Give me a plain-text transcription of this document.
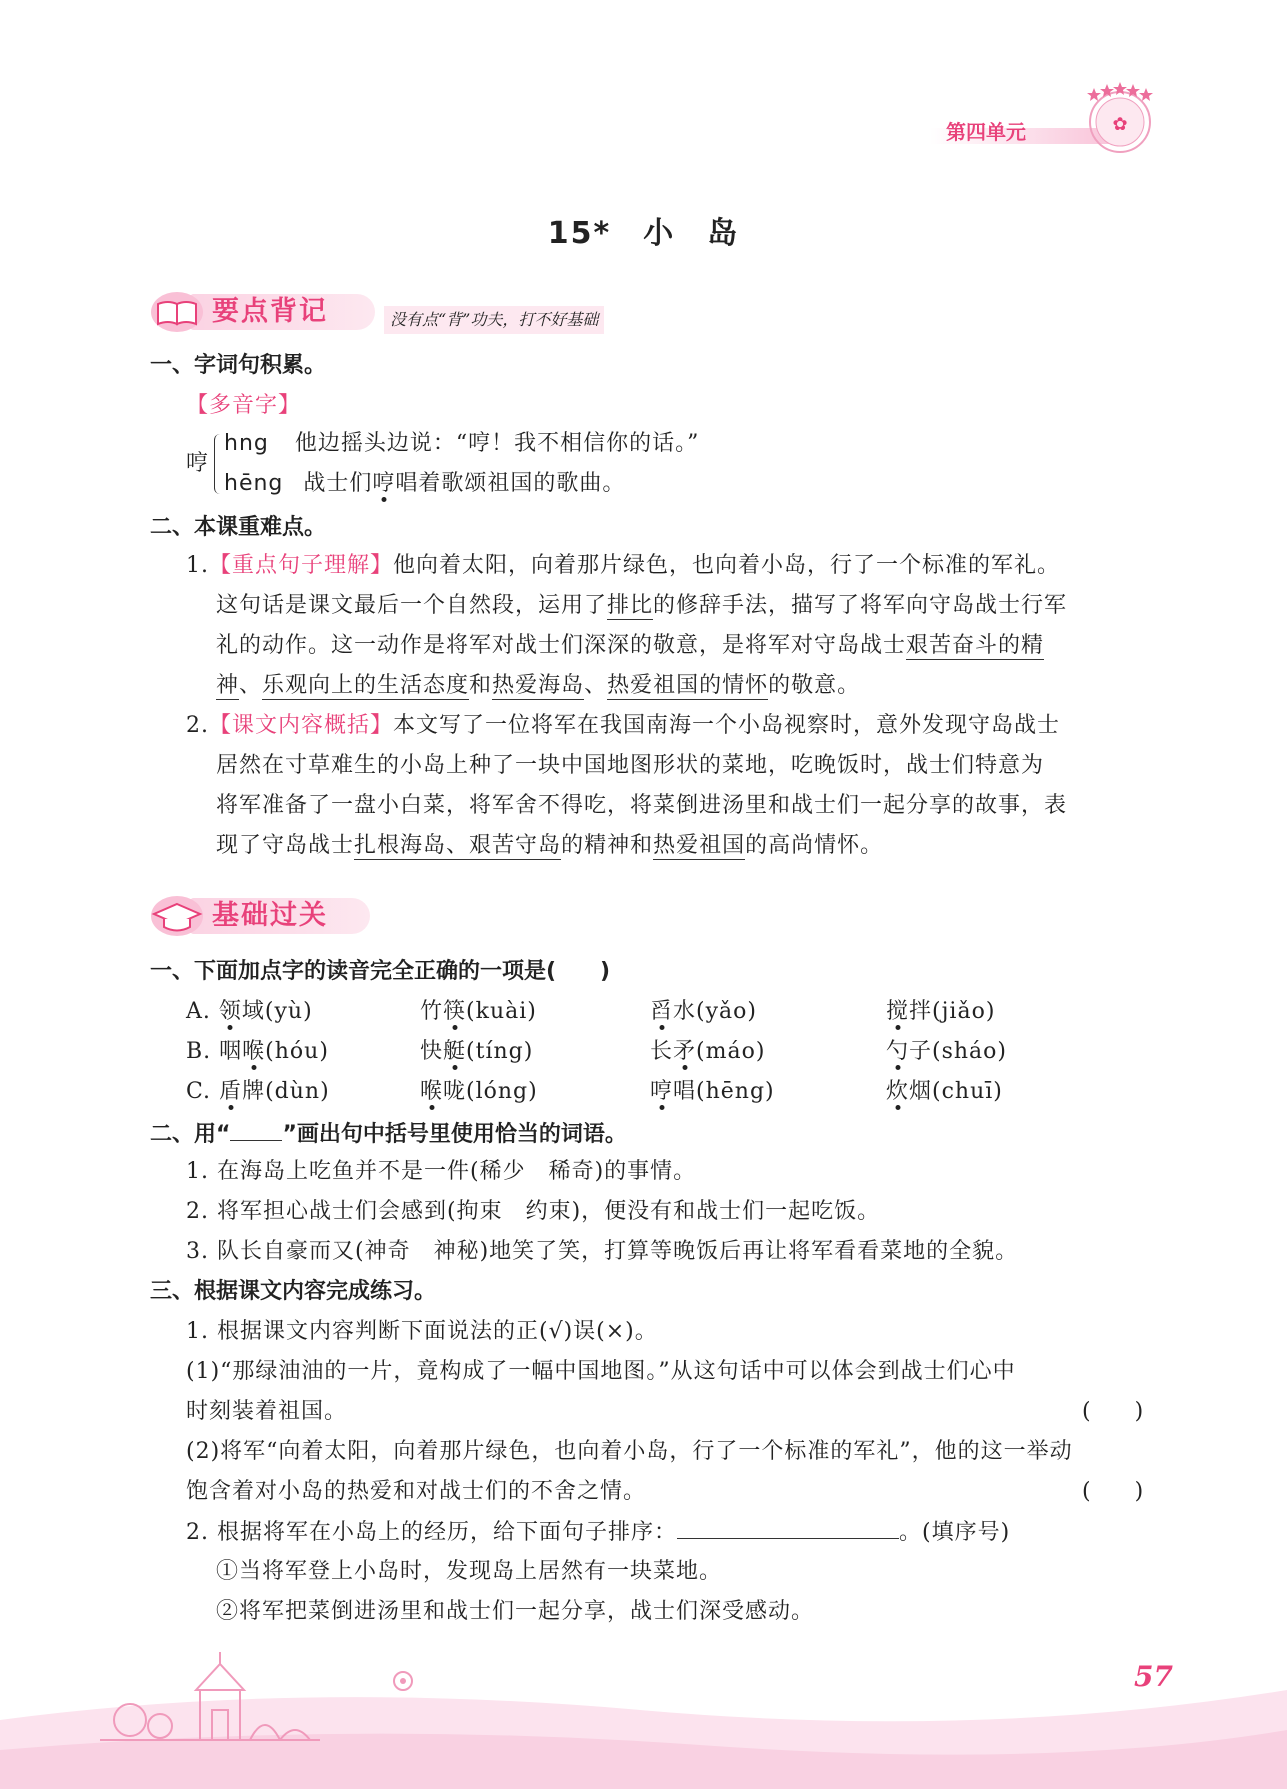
第四单元	✿
15*　小　岛
要点背记	没有点“背”功夫，打不好基础
一、字词句积累。
【多音字】
哼
hng 他边摇头边说：“哼！我不相信你的话。”
hēng 战士们哼唱着歌颂祖国的歌曲。
二、本课重难点。
1.【重点句子理解】他向着太阳，向着那片绿色，也向着小岛，行了一个标准的军礼。
这句话是课文最后一个自然段，运用了排比的修辞手法，描写了将军向守岛战士行军
礼的动作。这一动作是将军对战士们深深的敬意，是将军对守岛战士艰苦奋斗的精
神、乐观向上的生活态度和热爱海岛、热爱祖国的情怀的敬意。
2.【课文内容概括】本文写了一位将军在我国南海一个小岛视察时，意外发现守岛战士
居然在寸草难生的小岛上种了一块中国地图形状的菜地，吃晚饭时，战士们特意为
将军准备了一盘小白菜，将军舍不得吃，将菜倒进汤里和战士们一起分享的故事，表
现了守岛战士扎根海岛、艰苦守岛的精神和热爱祖国的高尚情怀。
基础过关
一、下面加点字的读音完全正确的一项是(　　)
A. 领域(yù)	竹筷(kuài)	舀水(yǎo)	搅拌(jiǎo)
B. 咽喉(hóu)	快艇(tíng)	长矛(máo)	勺子(sháo)
C. 盾牌(dùn)	喉咙(lóng)	哼唱(hēng)	炊烟(chuī)
二、用“ ”画出句中括号里使用恰当的词语。
1. 在海岛上吃鱼并不是一件(稀少　稀奇)的事情。
2. 将军担心战士们会感到(拘束　约束)，便没有和战士们一起吃饭。
3. 队长自豪而又(神奇　神秘)地笑了笑，打算等晚饭后再让将军看看菜地的全貌。
三、根据课文内容完成练习。
1. 根据课文内容判断下面说法的正(√)误(×)。
(1)“那绿油油的一片，竟构成了一幅中国地图。”从这句话中可以体会到战士们心中
时刻装着祖国。	(　　)
(2)将军“向着太阳，向着那片绿色，也向着小岛，行了一个标准的军礼”，他的这一举动
饱含着对小岛的热爱和对战士们的不舍之情。	(　　)
2. 根据将军在小岛上的经历，给下面句子排序：	。(填序号)
①当将军登上小岛时，发现岛上居然有一块菜地。
②将军把菜倒进汤里和战士们一起分享，战士们深受感动。
57
